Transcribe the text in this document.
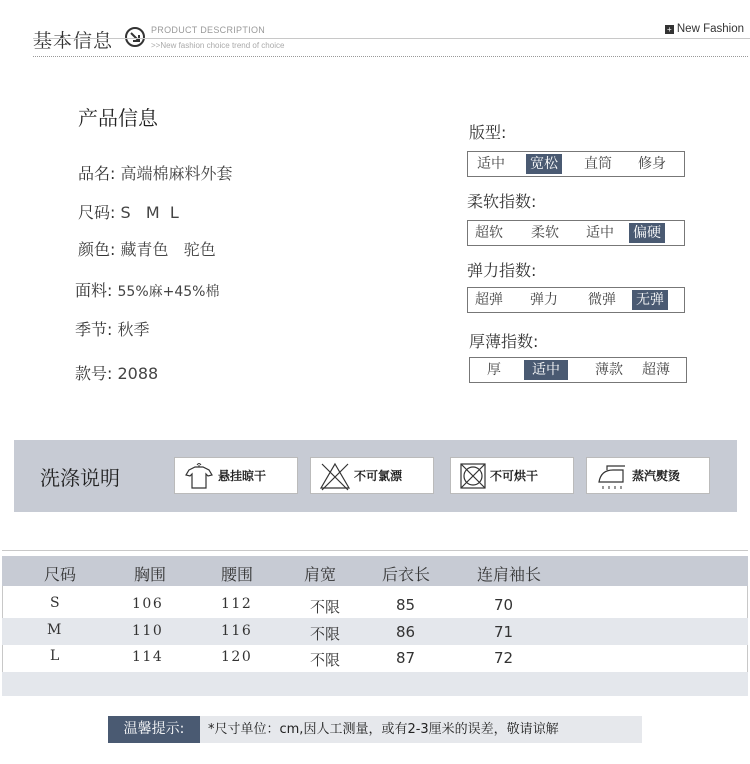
基本信息	PRODUCT DESCRIPTION
>>New fashion choice trend of choice
+ New Fashion
产品信息
品名: 高端棉麻料外套
尺码: S   M  L
颜色: 藏青色   驼色
面料: 55%麻+45%棉
季节: 秋季
款号: 2088
版型:
适中 宽松 直筒 修身
柔软指数:
超软 柔软 适中 偏硬
弹力指数:
超弹 弹力 微弹 无弹
厚薄指数:
厚	适中	薄款 超薄
洗涤说明	悬挂晾干	不可氯漂	不可烘干	蒸汽熨烫
尺码	胸围	腰围	肩宽	后衣长	连肩袖长
S	106	112	不限	85	70
M	110	116	不限	86	71
L	114	120	不限	87	72
温馨提示:	*尺寸单位：cm,因人工测量，或有2-3厘米的误差，敬请谅解
